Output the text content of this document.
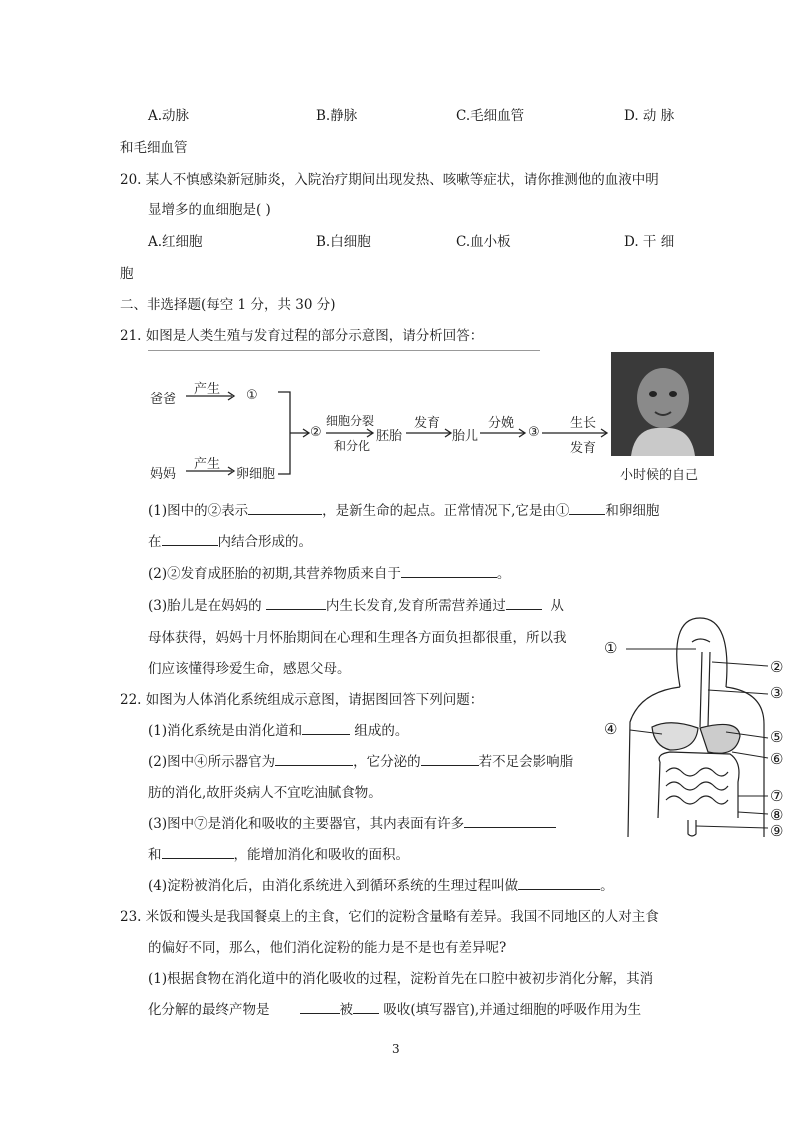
A.动脉	B.静脉	C.毛细血管	D. 动 脉
和毛细血管
20. 某人不慎感染新冠肺炎，入院治疗期间出现发热、咳嗽等症状，请你推测他的血液中明
显增多的血细胞是( )
A.红细胞	B.白细胞	C.血小板	D. 干 细
胞
二、非选择题(每空 1 分，共 30 分)
21. 如图是人类生殖与发育过程的部分示意图，请分析回答：
爸爸
产生 ①
妈妈
产生
卵细胞
②
细胞分裂
和分化
胚胎
发育
胎儿
分娩
③
生长
发育
小时候的自己
(1)图中的②表示	，是新生命的起点。正常情况下,它是由①	和卵细胞
在	内结合形成的。
(2)②发育成胚胎的初期,其营养物质来自于	。
(3)胎儿是在妈妈的	内生长发育,发育所需营养通过	从
母体获得，妈妈十月怀胎期间在心理和生理各方面负担都很重，所以我
们应该懂得珍爱生命，感恩父母。
①
②
③
④	⑤
⑥
⑦
⑧
⑨
22. 如图为人体消化系统组成示意图，请据图回答下列问题：
(1)消化系统是由消化道和	组成的。
(2)图中④所示器官为	，它分泌的	若不足会影响脂
肪的消化,故肝炎病人不宜吃油腻食物。
(3)图中⑦是消化和吸收的主要器官，其内表面有许多
和	，能增加消化和吸收的面积。
(4)淀粉被消化后，由消化系统进入到循环系统的生理过程叫做	。
23. 米饭和馒头是我国餐桌上的主食，它们的淀粉含量略有差异。我国不同地区的人对主食
的偏好不同，那么，他们消化淀粉的能力是不是也有差异呢?
(1)根据食物在消化道中的消化吸收的过程，淀粉首先在口腔中被初步消化分解，其消
化分解的最终产物是	被 吸收(填写器官),并通过细胞的呼吸作用为生
3
